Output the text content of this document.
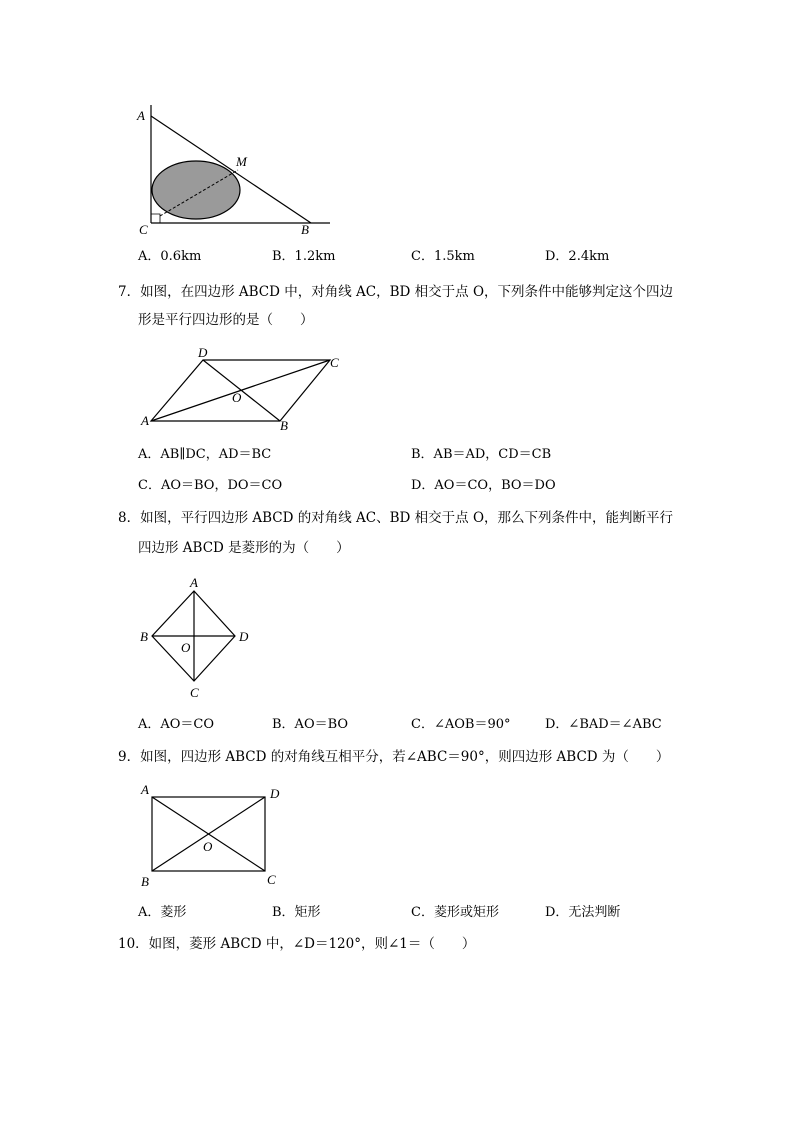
A
M
C	B
A．0.6km	B．1.2km	C．1.5km	D．2.4km
7．如图，在四边形 ABCD 中，对角线 AC，BD 相交于点 O，下列条件中能够判定这个四边
形是平行四边形的是（　　）
D
C
O
A	B
A．AB∥DC，AD＝BC	B．AB＝AD，CD＝CB
C．AO＝BO，DO＝CO	D．AO＝CO，BO＝DO
8．如图，平行四边形 ABCD 的对角线 AC、BD 相交于点 O，那么下列条件中，能判断平行
四边形 ABCD 是菱形的为（　　）
A
B
O
D
C
A．AO＝CO	B．AO＝BO	C．∠AOB＝90°	D．∠BAD＝∠ABC
9．如图，四边形 ABCD 的对角线互相平分，若∠ABC＝90°，则四边形 ABCD 为（　　）
A	D
O
B	C
A．菱形	B．矩形	C．菱形或矩形	D．无法判断
10．如图，菱形 ABCD 中，∠D＝120°，则∠1＝（　　）
